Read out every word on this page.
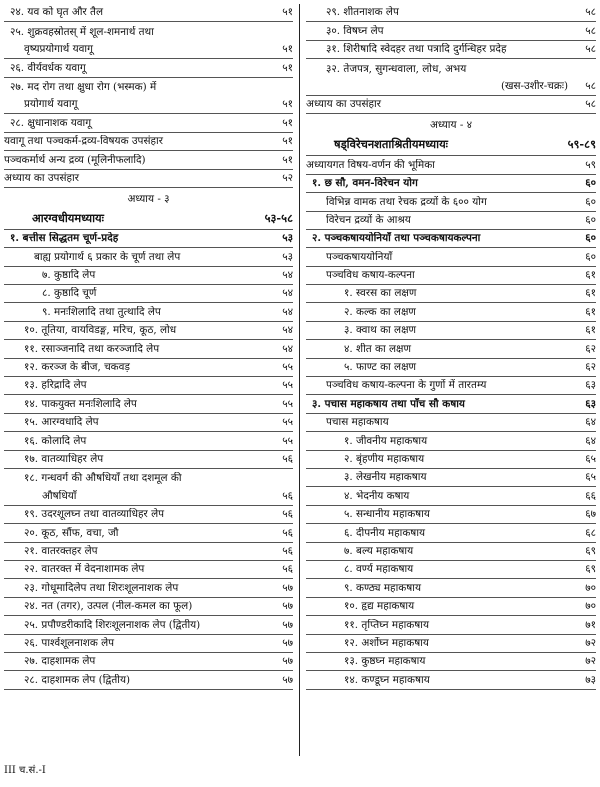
२४. यव को घृत और तैल	५१
२५. शुक्रवहस्रोतस् में शूल-शमनार्थ तथा
वृष्यप्रयोगार्थ यवागू	५१
२६. वीर्यवर्धक यवागू	५१
२७. मद रोग तथा क्षुधा रोग (भस्मक) में
प्रयोगार्थ यवागू	५१
२८. क्षुधानाशक यवागू	५१
यवागू तथा पञ्चकर्म-द्रव्य-विषयक उपसंहार	५१
पञ्चकर्मार्थ अन्य द्रव्य (मूलिनीफलादि)	५१
अध्याय का उपसंहार	५२
अध्याय - ३
आरग्वधीयमध्यायः	५३-५८
१. बत्तीस सिद्धतम चूर्ण-प्रदेह	५३
बाह्य प्रयोगार्थ ६ प्रकार के चूर्ण तथा लेप	५३
७. कुष्ठादि लेप	५४
८. कुष्ठादि चूर्ण	५४
९. मनःशिलादि तथा तुत्थादि लेप	५४
१०. तूतिया, वायविडङ्ग, मरिच, कूठ, लोध	५४
११. रसाञ्जनादि तथा करञ्जादि लेप	५४
१२. करञ्ज के बीज, चकवड़	५५
१३. हरिद्रादि लेप	५५
१४. पाकयुक्त मनःशिलादि लेप	५५
१५. आरग्वधादि लेप	५५
१६. कोलादि लेप	५५
१७. वातव्याधिहर लेप	५६
१८. गन्धवर्ग की औषधियाँ तथा दशमूल की
औषधियाँ	५६
१९. उदरशूलघ्न तथा वातव्याधिहर लेप	५६
२०. कूठ, सौंफ, वचा, जौ	५६
२१. वातरक्तहर लेप	५६
२२. वातरक्त में वेदनाशामक लेप	५६
२३. गोधूमादिलेप तथा शिरःशूलनाशक लेप	५७
२४. नत (तगर), उत्पल (नील-कमल का फूल)	५७
२५. प्रपौण्डरीकादि शिरःशूलनाशक लेप (द्वितीय)	५७
२६. पार्श्वशूलनाशक लेप	५७
२७. दाहशामक लेप	५७
२८. दाहशामक लेप (द्वितीय)	५७
२९. शीतनाशक लेप	५८
३०. विषघ्न लेप	५८
३१. शिरीषादि स्वेदहर तथा पत्रादि दुर्गन्धिहर प्रदेह	५८
३२. तेजपत्र, सुगन्धवाला, लोध, अभय
(खस-उशीर-चक्रः)	५८
अध्याय का उपसंहार	५८
अध्याय - ४
षड्विरेचनशताश्रितीयमध्यायः	५९-८९
अध्यायगत विषय-वर्णन की भूमिका	५९
१. छ सौ, वमन-विरेचन योग	६०
विभिन्न वामक तथा रेचक द्रव्यों के ६०० योग	६०
विरेचन द्रव्यों के आश्रय	६०
२. पञ्चकषाययोनियाँ तथा पञ्चकषायकल्पना	६०
पञ्चकषाययोनियाँ	६०
पञ्चविध कषाय-कल्पना	६१
१. स्वरस का लक्षण	६१
२. कल्क का लक्षण	६१
३. क्वाथ का लक्षण	६१
४. शीत का लक्षण	६२
५. फाण्ट का लक्षण	६२
पञ्चविध कषाय-कल्पना के गुणों में तारतम्य	६३
३. पचास महाकषाय तथा पाँच सौ कषाय	६३
पचास महाकषाय	६४
१. जीवनीय महाकषाय	६४
२. बृंहणीय महाकषाय	६५
३. लेखनीय महाकषाय	६५
४. भेदनीय कषाय	६६
५. सन्धानीय महाकषाय	६७
६. दीपनीय महाकषाय	६८
७. बल्य महाकषाय	६९
८. वर्ण्य महाकषाय	६९
९. कण्ठ्य महाकषाय	७०
१०. हृद्य महाकषाय	७०
११. तृप्तिघ्न महाकषाय	७१
१२. अर्शोघ्न महाकषाय	७२
१३. कुष्ठघ्न महाकषाय	७२
१४. कण्डूघ्न महाकषाय	७३
III च.सं.-I
